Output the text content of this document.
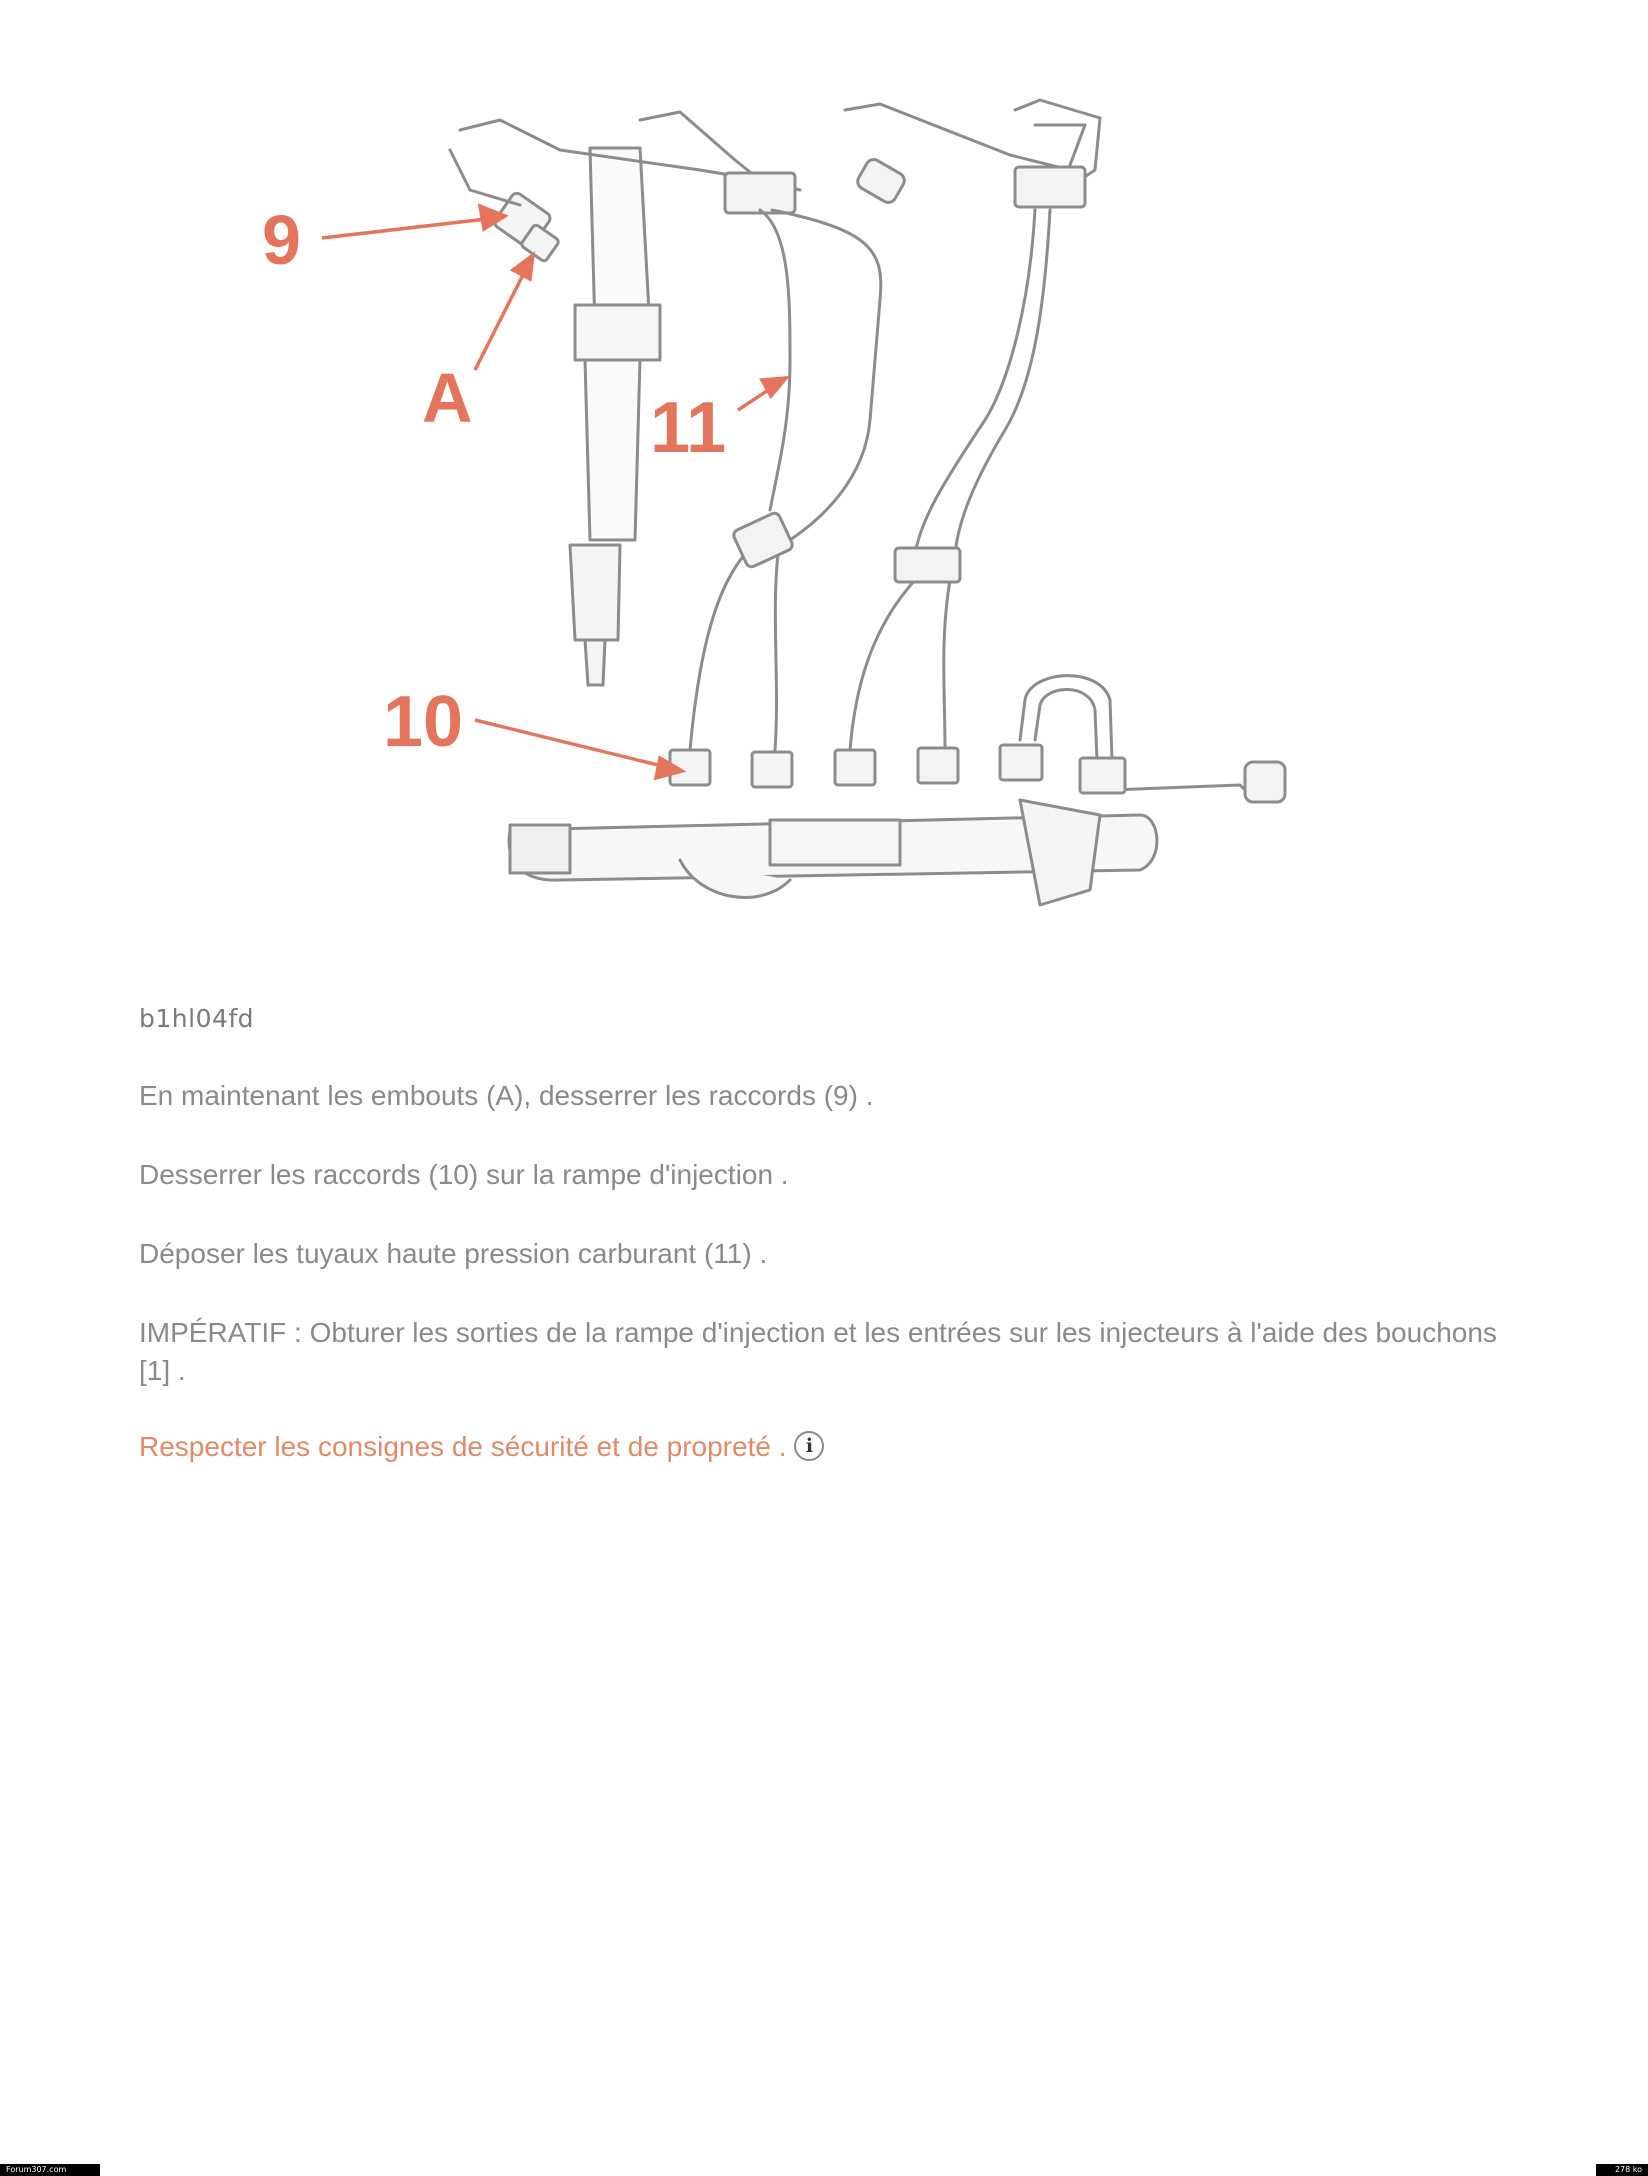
9
A 11
10
b1hl04fd
En maintenant les embouts (A), desserrer les raccords (9) .
Desserrer les raccords (10) sur la rampe d'injection .
Déposer les tuyaux haute pression carburant (11) .
IMPÉRATIF : Obturer les sorties de la rampe d'injection et les entrées sur les injecteurs à l'aide des bouchons [1] .
Respecter les consignes de sécurité et de propreté . i
Forum307.com	278 ko
